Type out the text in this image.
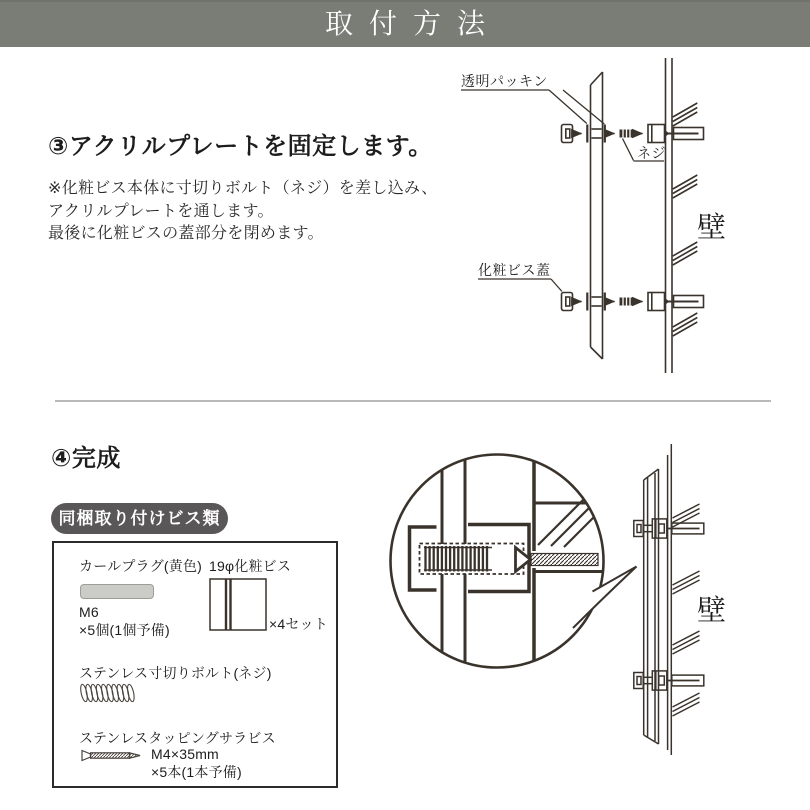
取付方法
③アクリルプレートを固定します。
※化粧ビス本体に寸切りボルト（ネジ）を差し込み、
アクリルプレートを通します。
最後に化粧ビスの蓋部分を閉めます。
透明パッキン
ネジ
壁
化粧ビス蓋
④完成
同梱取り付けビス類
カールプラグ(黄色)
M6
×5個(1個予備)
19φ化粧ビス
×4セット
ステンレス寸切りボルト(ネジ)
ステンレスタッピングサラビス
M4×35mm
×5本(1本予備)
壁
